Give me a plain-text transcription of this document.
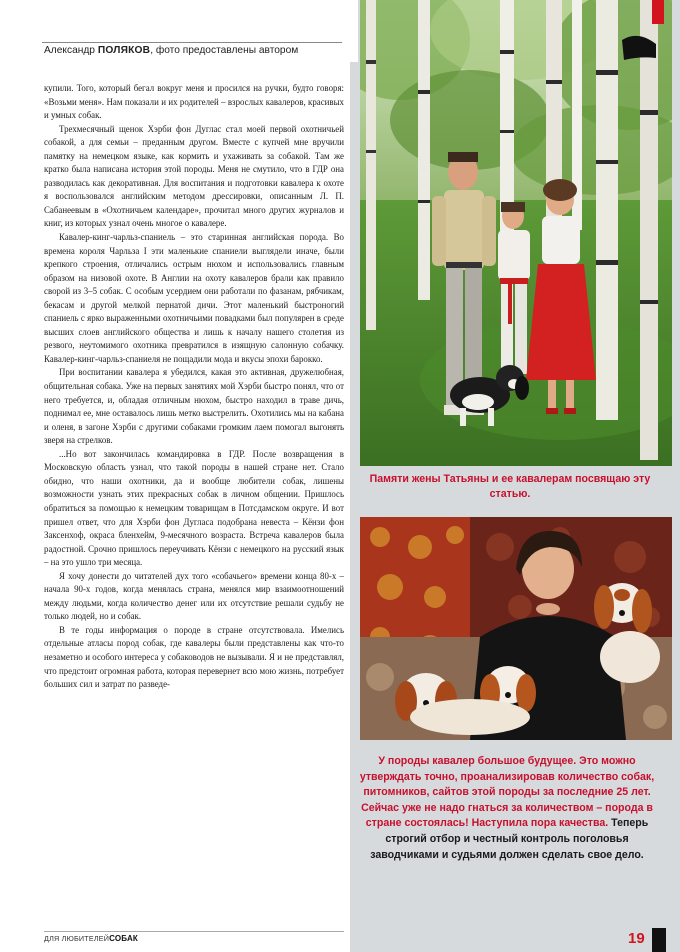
Александр ПОЛЯКОВ, фото предоставлены автором

купили. Того, который бегал вокруг меня и просился на ручки, будто говоря: «Возьми меня». Нам показали и их родителей – взрослых кавалеров, красивых и умных собак.

Трехмесячный щенок Хэрби фон Дуглас стал моей первой охотничьей собакой, а для семьи – преданным другом. Вместе с купчей мне вручили памятку на немецком языке, как кормить и ухаживать за собакой. Там же кратко была написана история этой породы. Меня не смутило, что в ГДР она разводилась как декоративная. Для воспитания и подготовки кавалера к охоте я воспользовался английским методом дрессировки, описанным Л. П. Сабанеевым в «Охотничьем календаре», прочитал много других журналов и книг, из которых узнал очень многое о кавалере.

Кавалер-кинг-чарльз-спаниель – это старинная английская порода. Во времена короля Чарльза I эти маленькие спаниели выглядели иначе, были крепкого строения, отличались острым нюхом и использовались главным образом на низовой охоте. В Англии на охоту кавалеров брали как правило сворой из 3–5 собак. С особым усердием они работали по фазанам, рябчикам, бекасам и другой мелкой пернатой дичи. Этот маленький быстроногий спаниель с ярко выраженными охотничьими повадками был популярен в среде высших слоев английского общества и лишь к началу нашего столетия из резвого, неутомимого охотника превратился в изящную салонную собачку. Кавалер-кинг-чарльз-спаниеля не пощадили мода и вкусы эпохи барокко.

При воспитании кавалера я убедился, какая это активная, дружелюбная, общительная собака. Уже на первых занятиях мой Хэрби быстро понял, что от него требуется, и, обладая отличным нюхом, быстро находил в траве дичь, поднимал ее, мне оставалось лишь метко выстрелить. Охотились мы на кабана и оленя, в загоне Хэрби с другими собаками громким лаем помогал выгонять зверя на стрелков.

...Но вот закончилась командировка в ГДР. После возвращения в Московскую область узнал, что такой породы в нашей стране нет. Стало обидно, что наши охотники, да и вообще любители собак, лишены возможности узнать этих прекрасных собак в личном общении. Пришлось обратиться за помощью к немецким товарищам в Потсдамском округе. И вот пришел ответ, что для Хэрби фон Дугласа подобрана невеста – Кёнзи фон Заксенхоф, окраса бленхейм, 9-месячного возраста. Встреча кавалеров была радостной. Срочно пришлось переучивать Кёнзи с немецкого на русский язык – на это ушло три месяца.

Я хочу донести до читателей дух того «собачьего» времени конца 80-х – начала 90-х годов, когда менялась страна, менялся мир взаимоотношений между людьми, когда количество денег или их отсутствие решали судьбу не только людей, но и собак.

В те годы информация о породе в стране отсутствовала. Имелись отдельные атласы пород собак, где кавалеры были представлены как что-то незаметно и особого интереса у собаководов не вызывали. Я и не представлял, что предстоит огромная работа, которая перевернет всю мою жизнь, потребует больших сил и затрат по разведе-

Памяти жены Татьяны и ее кавалерам посвящаю эту статью.
У породы кавалер большое будущее. Это можно утверждать точно, проанализировав количество собак, питомников, сайтов этой породы за последние 25 лет. Сейчас уже не надо гнаться за количеством – порода в стране состоялась! Наступила пора качества. Теперь строгий отбор и честный контроль поголовья заводчиками и судьями должен сделать свое дело.
ДЛЯ ЛЮБИТЕЛЕЙСОБАК	19
